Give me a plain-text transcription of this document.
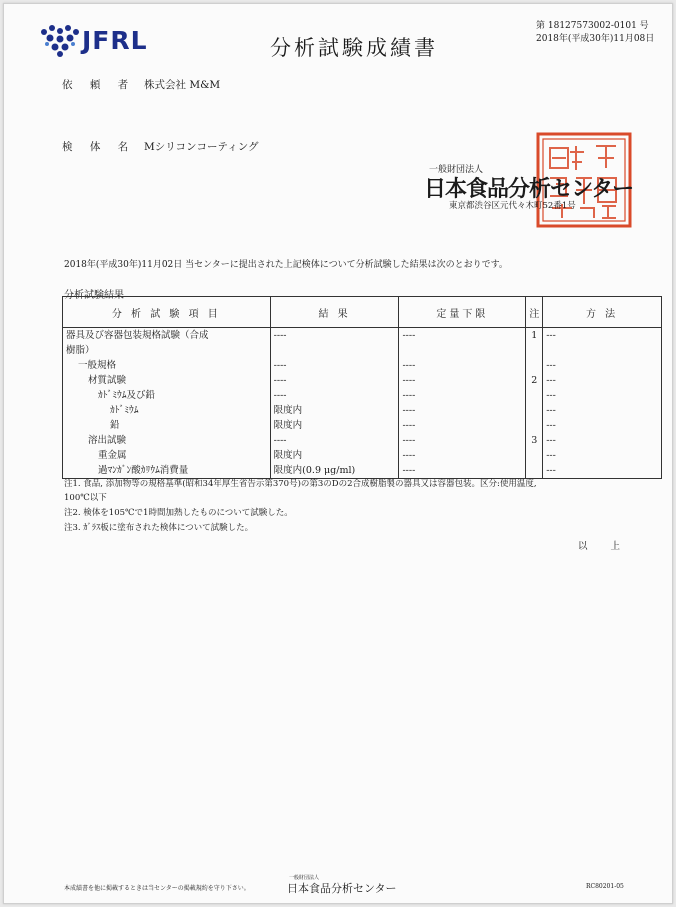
JFRL	分析試験成績書
第 18127573002-0101 号
2018年(平成30年)11月08日
依 頼 者 株式会社 M&M
検 体 名 Mシリコンコーティング
一般財団法人
日本食品分析センター
東京都渋谷区元代々木町52番1号
2018年(平成30年)11月02日 当センターに提出された上記検体について分析試験した結果は次のとおりです。
分析試験結果
分 析 試 験 項 目	結 果	定量下限	注	方 法
器具及び容器包装規格試験（合成	----	----	1	---
樹脂）				
一般規格	----	----		---
材質試験	----	----	2	---
ｶﾄﾞﾐｳﾑ及び鉛	----	----		---
ｶﾄﾞﾐｳﾑ	限度内	----		---
鉛	限度内	----		---
溶出試験	----	----	3	---
重金属	限度内	----		---
過ﾏﾝｶﾞﾝ酸ｶﾘｳﾑ消費量	限度内(0.9 μg/ml)	----		---
注1. 食品, 添加物等の規格基準(昭和34年厚生省告示第370号)の第3のDの2合成樹脂製の器具又は容器包装。区分:使用温度,
100℃以下
注2. 検体を105℃で1時間加熱したものについて試験した。
注3. ｶﾞﾗｽ板に塗布された検体について試験した。
以 上
本成績書を他に掲載するときは当センターの掲載規約を守り下さい。
一般財団法人
日本食品分析センター	RC80201-05
